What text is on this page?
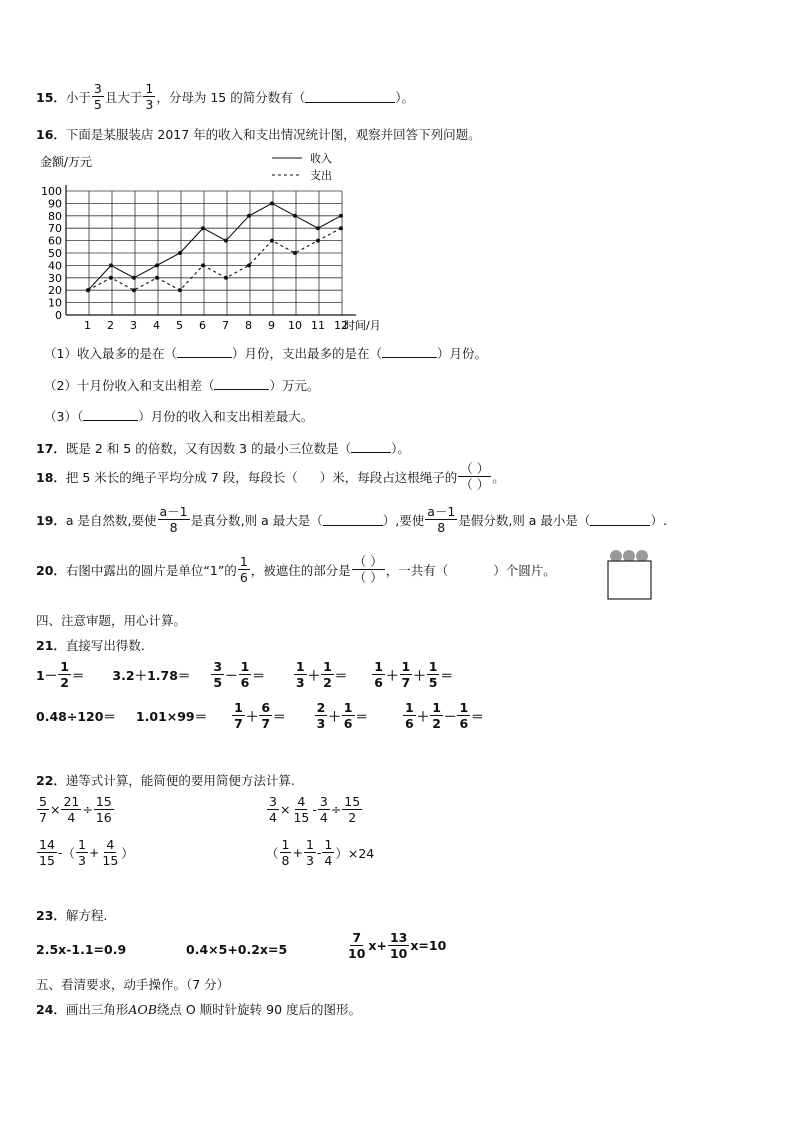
15． 小于 $\frac{3}{5}$ 且大于 $\frac{1}{3}$ ，分母为 15 的简分数有（	）。
16．下面是某服装店 2017 年的收入和支出情况统计图，观察并回答下列问题。
金额/万元
0
10
20
30
40
50
60
70
80
90
100
1 2 3 4 5 6 7 8 9 10 11 12
时间/月
收入
支出
（1）收入最多的是在（	）月份，支出最多的是在（	）月份。
（2）十月份收入和支出相差（	）万元。
（3）（	）月份的收入和支出相差最大。
17．既是 2 和 5 的倍数，又有因数 3 的最小三位数是（	）。
18． 把 5 米长的绳子平均分成 7 段，每段长（ ）米，每段占这根绳子的 $\frac{( )}{( )}$ 。
19． a 是自然数,要使 $\frac{a-1}{8}$ 是真分数,则 a 最大是（	）,要使 $\frac{a-1}{8}$ 是假分数,则 a 最小是（	）.
20． 右图中露出的圆片是单位“1”的 $\frac{1}{6}$ ，被遮住的部分是 $\frac{( )}{( )}$ ，一共有（	）个圆片。
四、注意审题，用心计算。
21．直接写出得数.
$1- \frac{1}{2} = 3.2+1.78= \frac{3}{5} - \frac{1}{6} = \frac{1}{3} + \frac{1}{2} = \frac{1}{6} + \frac{1}{7} + \frac{1}{5}$ ＝
$0.48\div 120= 1.01\times 99= \frac{1}{7} + \frac{6}{7} = \frac{2}{3} + \frac{1}{6}$ ＝	$\frac{1}{6} + \frac{1}{2} - \frac{1}{6}$ ＝
22．递等式计算，能简便的要用简便方法计算.
$\frac{5}{7} \times \frac{21}{4} \div \frac{15}{16}$	$\frac{3}{4} \times \frac{4}{15} - \frac{3}{4} \div \frac{15}{2}$
$\frac{14}{15}$ - （ $\frac{1}{3} + \frac{4}{15}$ ）	（ $\frac{1}{8} + \frac{1}{3} - \frac{1}{4} )\times 24$
23．解方程.
2.5x-1.1=0.9	0.4×5+0.2x=5	$\frac{7}{10} x+ \frac{13}{10} x=10$
五、看清要求，动手操作。（7 分）
24．画出三角形AOB绕点 O 顺时针旋转 90 度后的图形。
